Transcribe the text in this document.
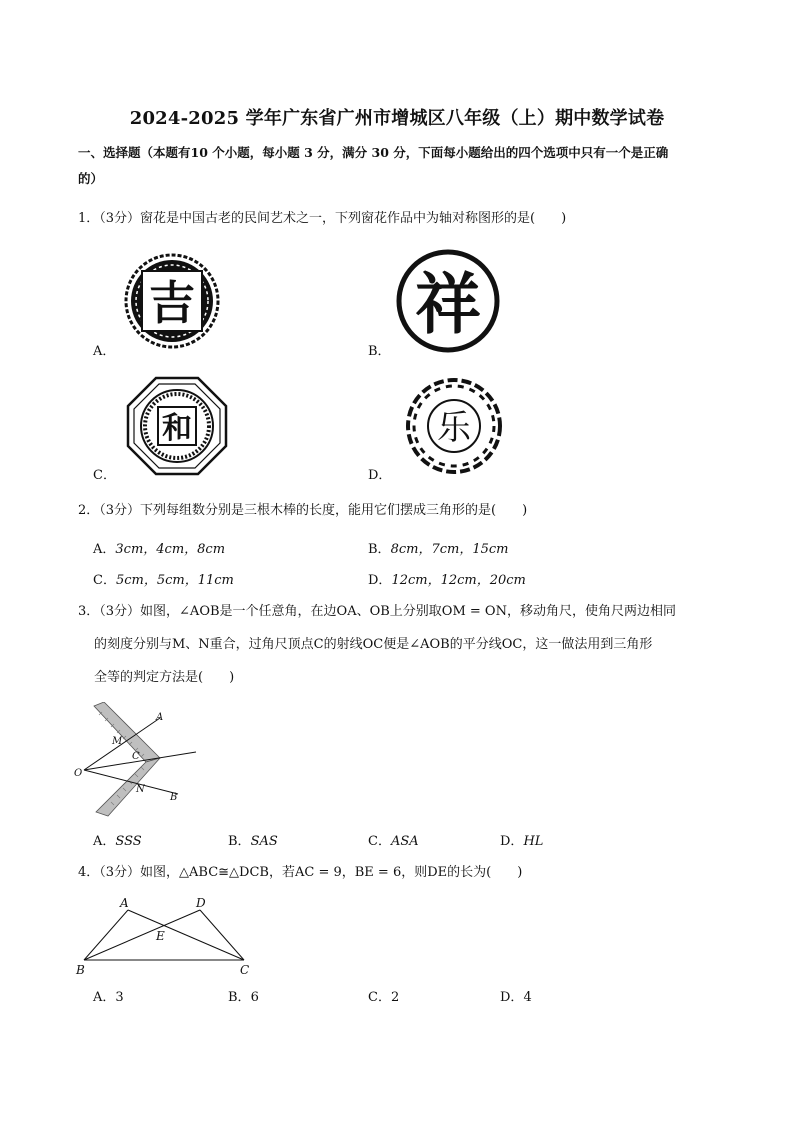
2024-2025 学年广东省广州市增城区八年级（上）期中数学试卷
一、选择题（本题有10 个小题，每小题 3 分，满分 30 分，下面每小题给出的四个选项中只有一个是正确
的）
1．（3分）窗花是中国古老的民间艺术之一，下列窗花作品中为轴对称图形的是(　　)
A．
吉
B．
祥
C．
和
D．
乐
2．（3分）下列每组数分别是三根木棒的长度，能用它们摆成三角形的是(　　)
A．3cm，4cm，8cm	B．8cm，7cm，15cm
C．5cm，5cm，11cm	D．12cm，12cm，20cm
3．（3分）如图，∠AOB是一个任意角，在边OA、OB上分别取OM = ON，移动角尺，使角尺两边相同
的刻度分别与M、N重合，过角尺顶点C的射线OC便是∠AOB的平分线OC，这一做法用到三角形
全等的判定方法是(　　)
A
M
C
O
N
B
A．SSS	B．SAS	C．ASA	D．HL
4．（3分）如图，△ABC≅△DCB，若AC = 9，BE = 6，则DE的长为(　　)
A	D
E
B	C
A．3	B．6	C．2	D．4
